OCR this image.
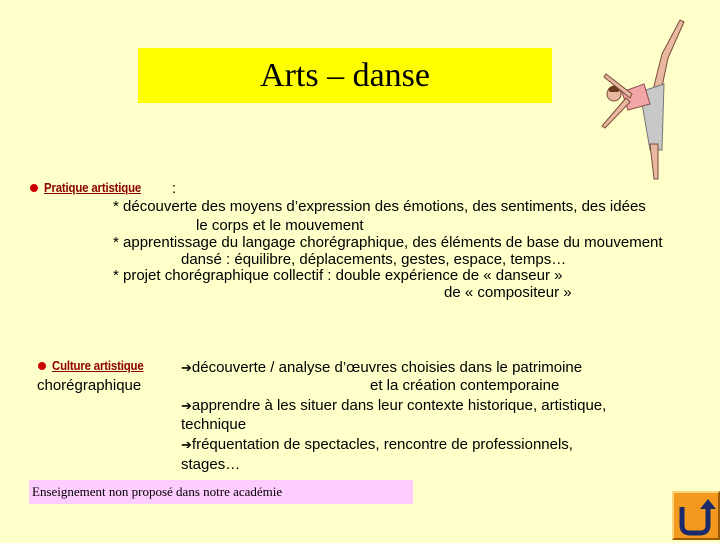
Arts – danse
Pratique artistique :
* découverte des moyens d’expression des émotions, des sentiments, des idées
le corps et le mouvement
* apprentissage du langage chorégraphique, des éléments de base du mouvement
dansé : équilibre, déplacements, gestes, espace, temps…
* projet chorégraphique collectif : double expérience de « danseur »
de « compositeur »
Culture artistique
chorégraphique
➔découverte / analyse d’œuvres choisies dans le patrimoine
et la création contemporaine
➔apprendre à les situer dans leur contexte historique, artistique,
technique
➔fréquentation de spectacles, rencontre de professionnels,
stages…
Enseignement non proposé dans notre académie
